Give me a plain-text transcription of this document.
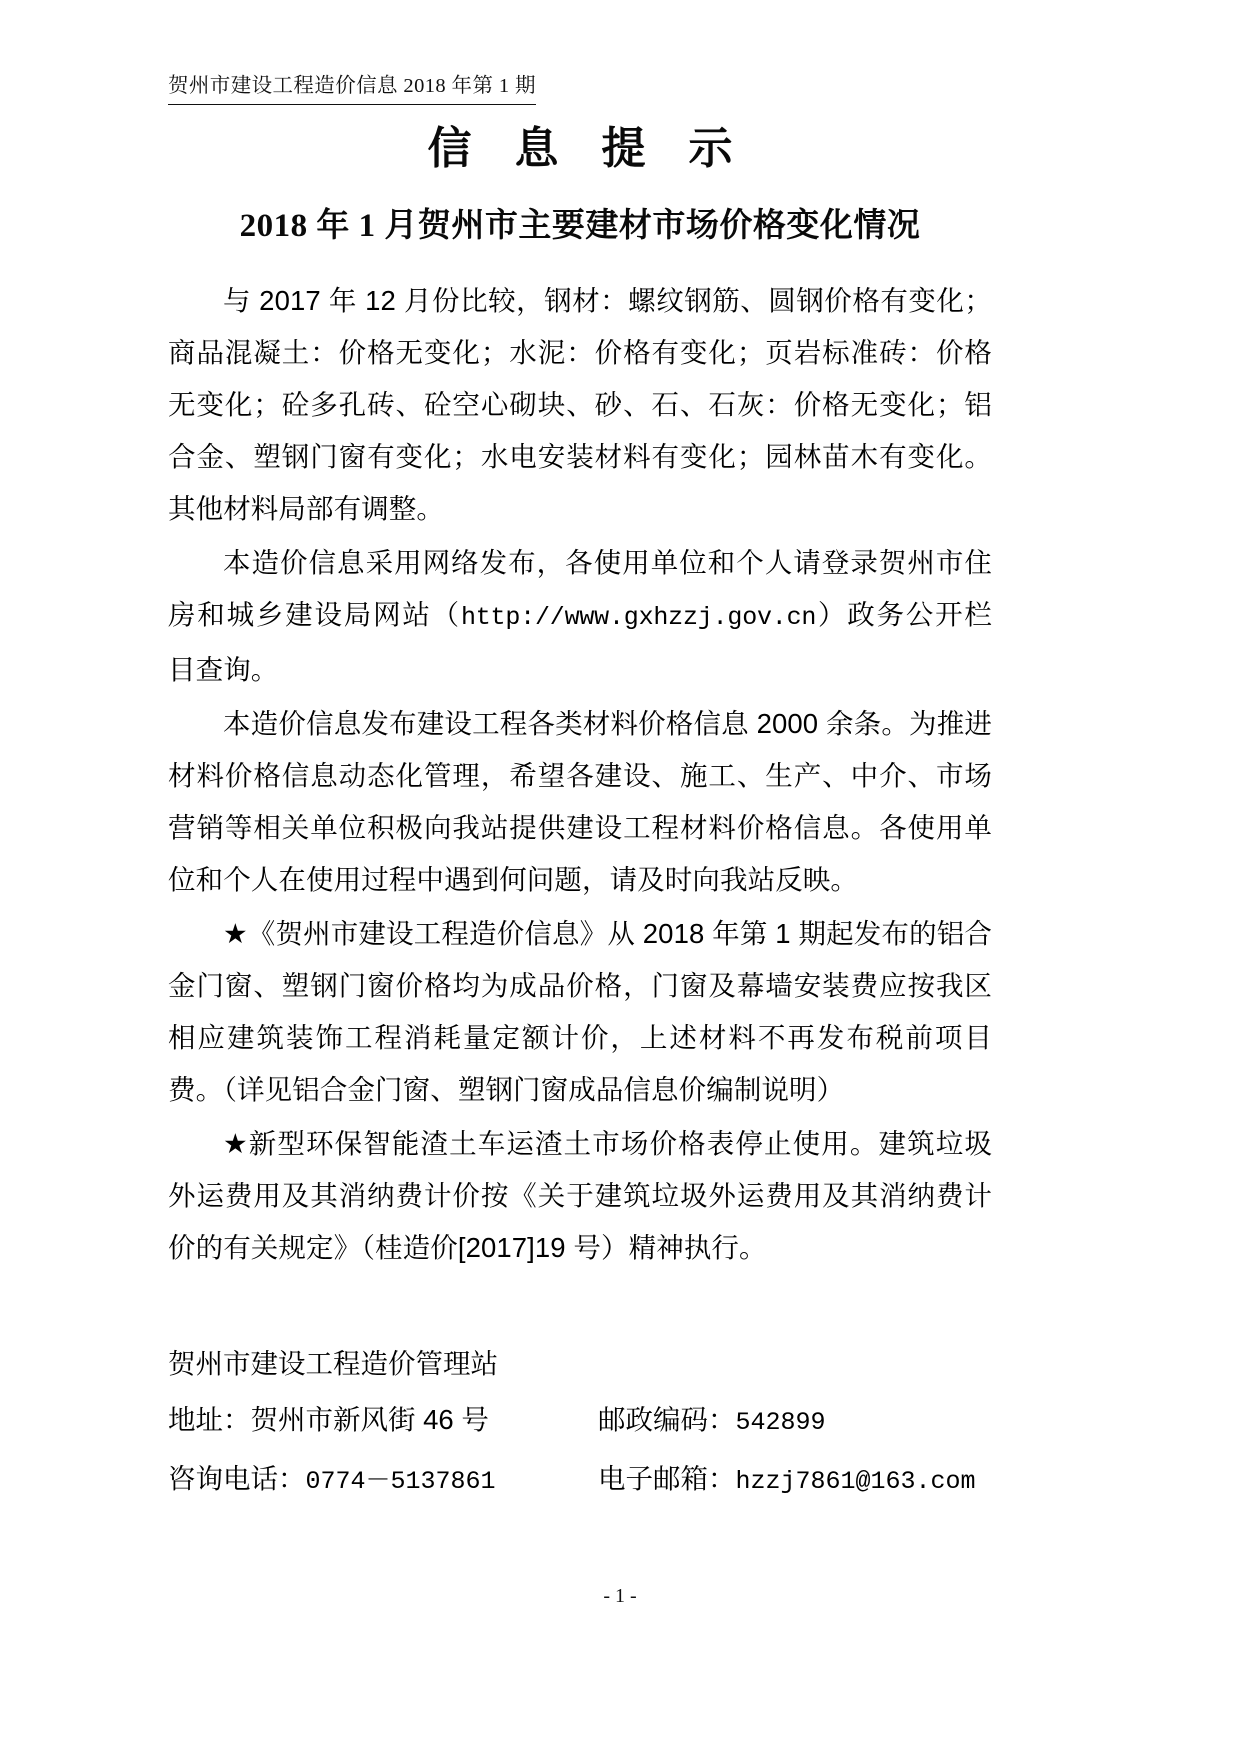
贺州市建设工程造价信息 2018 年第 1 期
信 息 提 示
2018 年 1 月贺州市主要建材市场价格变化情况

与 2017 年 12 月份比较，钢材：螺纹钢筋、圆钢价格有变化；商品混凝土：价格无变化；水泥：价格有变化；页岩标准砖：价格无变化；砼多孔砖、砼空心砌块、砂、石、石灰：价格无变化；铝合金、塑钢门窗有变化；水电安装材料有变化；园林苗木有变化。其他材料局部有调整。

本造价信息采用网络发布，各使用单位和个人请登录贺州市住房和城乡建设局网站（http://www.gxhzzj.gov.cn）政务公开栏目查询。

本造价信息发布建设工程各类材料价格信息 2000 余条。为推进材料价格信息动态化管理，希望各建设、施工、生产、中介、市场营销等相关单位积极向我站提供建设工程材料价格信息。各使用单位和个人在使用过程中遇到何问题，请及时向我站反映。

★《贺州市建设工程造价信息》从 2018 年第 1 期起发布的铝合金门窗、塑钢门窗价格均为成品价格，门窗及幕墙安装费应按我区相应建筑装饰工程消耗量定额计价，上述材料不再发布税前项目费。（详见铝合金门窗、塑钢门窗成品信息价编制说明）

★新型环保智能渣土车运渣土市场价格表停止使用。建筑垃圾外运费用及其消纳费计价按《关于建筑垃圾外运费用及其消纳费计价的有关规定》（桂造价[2017]19 号）精神执行。

贺州市建设工程造价管理站
地址：贺州市新风街 46 号	邮政编码：542899
咨询电话：0774－5137861	电子邮箱：hzzj7861@163.com
- 1 -
